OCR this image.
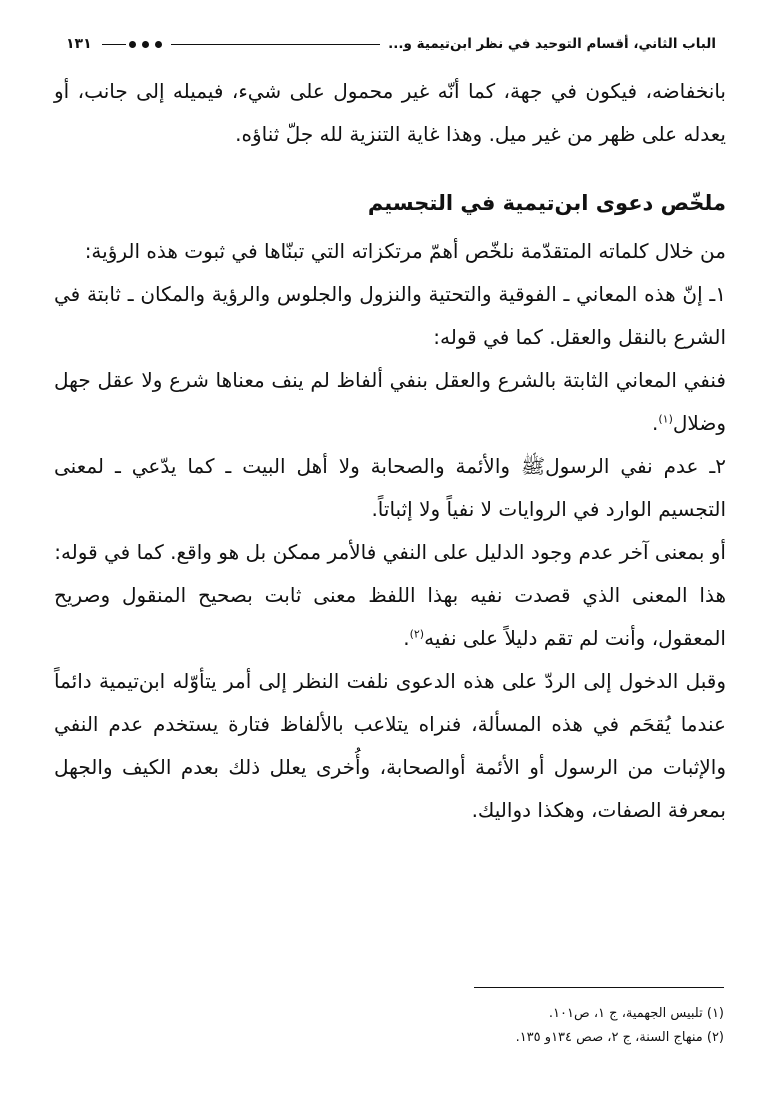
الباب الثاني، أقسام التوحيد في نظر ابن‌تيمية و...
١٣١

بانخفاضه، فيكون في جهة، كما أنّه غير محمول على شيء، فيميله إلى جانب، أو يعدله على ظهر من غير ميل. وهذا غاية التنزية لله جلّ ثناؤه.

ملخّص دعوى ابن‌تيمية في التجسيم

من خلال كلماته المتقدّمة نلخّص أهمّ مرتكزاته التي تبنّاها في ثبوت هذه الرؤية:

١ـ إنّ هذه المعاني ـ الفوقية والتحتية والنزول والجلوس والرؤية والمكان ـ ثابتة في الشرع بالنقل والعقل. كما في قوله:

فنفي المعاني الثابتة بالشرع والعقل بنفي ألفاظ لم ينف معناها شرع ولا عقل جهل وضلال$^{(١)}$.

٢ـ عدم نفي الرسولﷺ والأئمة والصحابة ولا أهل البيت ـ كما يدّعي ـ لمعنى التجسيم الوارد في الروايات لا نفياً ولا إثباتاً.

أو بمعنى آخر عدم وجود الدليل على النفي فالأمر ممكن بل هو واقع. كما في قوله:

هذا المعنى الذي قصدت نفيه بهذا اللفظ معنى ثابت بصحيح المنقول وصريح المعقول، وأنت لم تقم دليلاً على نفيه$^{(٢)}$.

وقبل الدخول إلى الردّ على هذه الدعوى نلفت النظر إلى أمر يتأوّله ابن‌تيمية دائماً عندما يُقحَم في هذه المسألة، فنراه يتلاعب بالألفاظ فتارة يستخدم عدم النفي والإثبات من الرسول أو الأئمة أوالصحابة، وأُخرى يعلل ذلك بعدم الكيف والجهل بمعرفة الصفات، وهكذا دواليك.

(١) تلبيس الجهمية، ج ١، ص١٠١.

(٢) منهاج السنة، ج ٢، صص ١٣٤و ١٣٥.
